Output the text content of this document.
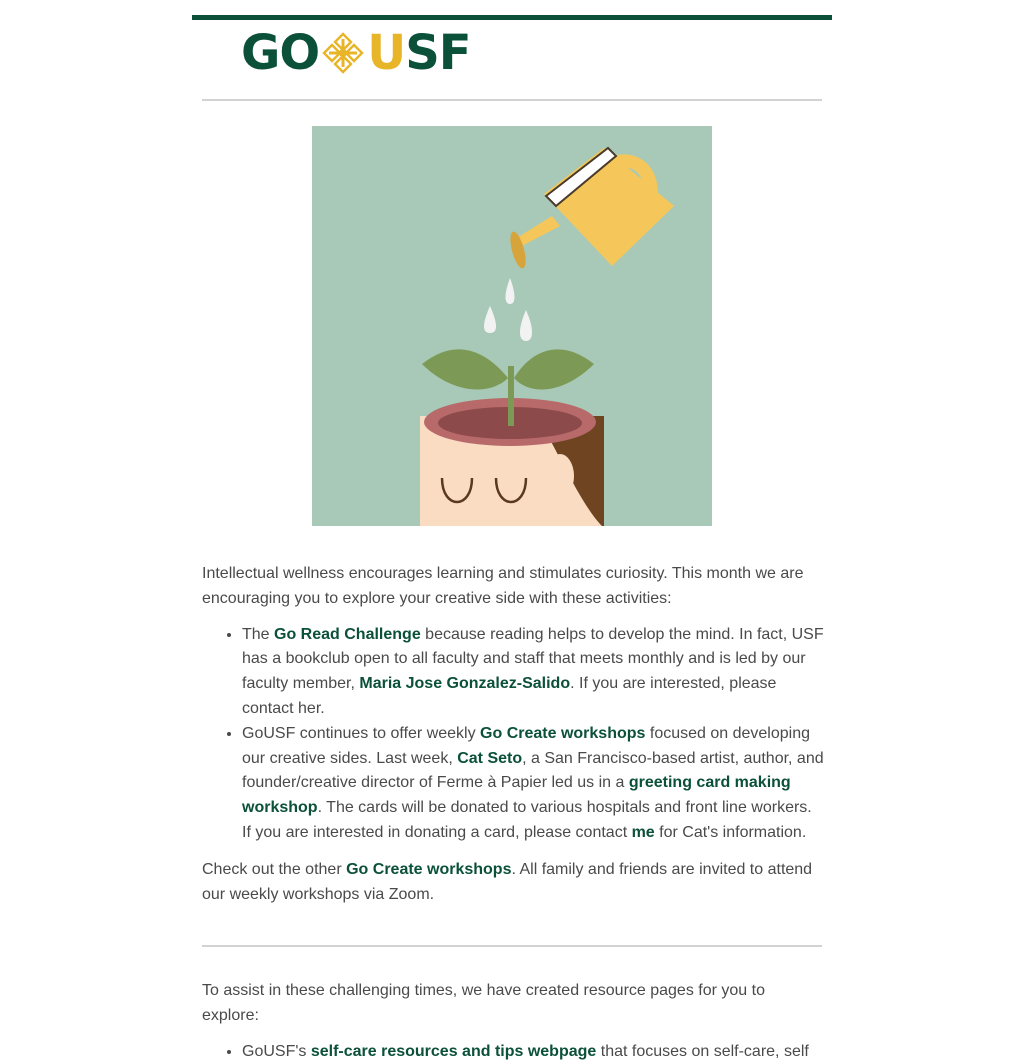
GO U SF

Intellectual wellness encourages learning and stimulates curiosity. This month we are encouraging you to explore your creative side with these activities:

• The Go Read Challenge because reading helps to develop the mind. In fact, USF has a bookclub open to all faculty and staff that meets monthly and is led by our faculty member, Maria Jose Gonzalez-Salido. If you are interested, please contact her.
• GoUSF continues to offer weekly Go Create workshops focused on developing our creative sides. Last week, Cat Seto, a San Francisco-based artist, author, and founder/creative director of Ferme à Papier led us in a greeting card making workshop. The cards will be donated to various hospitals and front line workers. If you are interested in donating a card, please contact me for Cat's information.

Check out the other Go Create workshops. All family and friends are invited to attend our weekly workshops via Zoom.

To assist in these challenging times, we have created resource pages for you to explore:

• GoUSF's self-care resources and tips webpage that focuses on self-care, self
